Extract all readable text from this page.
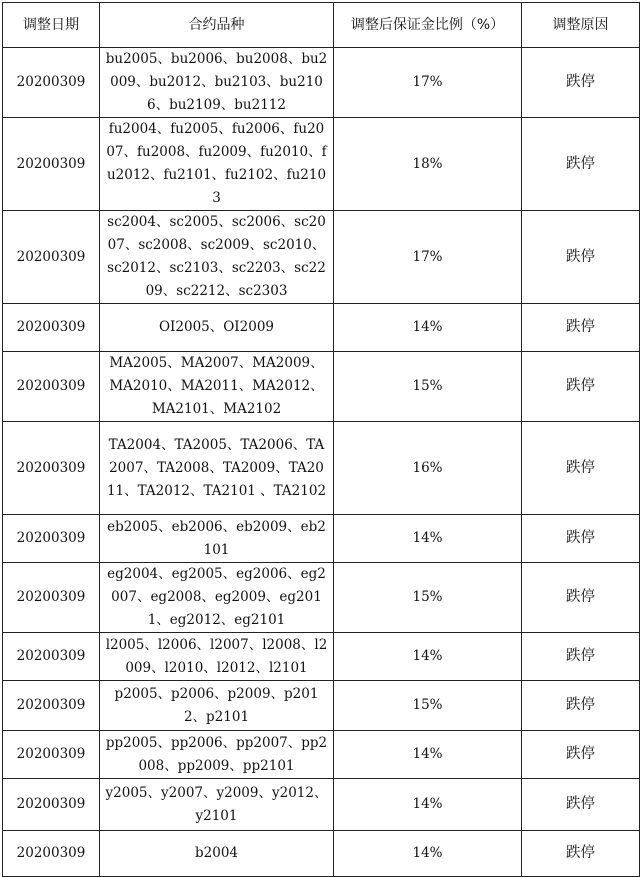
调整日期	合约品种	调整后保证金比例（%）	调整原因
20200309	bu2005、bu2006、bu2008、bu2009、bu2012、bu2103、bu2106、bu2109、bu2112	17%	跌停
20200309	fu2004、fu2005、fu2006、fu2007、fu2008、fu2009、fu2010、fu2012、fu2101、fu2102、fu2103	18%	跌停
20200309	sc2004、sc2005、sc2006、sc2007、sc2008、sc2009、sc2010、sc2012、sc2103、sc2203、sc2209、sc2212、sc2303	17%	跌停
20200309	OI2005、OI2009	14%	跌停
20200309	MA2005、MA2007、MA2009、MA2010、MA2011、MA2012、MA2101、MA2102	15%	跌停
20200309	TA2004、TA2005、TA2006、TA2007、TA2008、TA2009、TA2011、TA2012、TA2101 、TA2102	16%	跌停
20200309	eb2005、eb2006、eb2009、eb2101	14%	跌停
20200309	eg2004、eg2005、eg2006、eg2007、eg2008、eg2009、eg2011、eg2012、eg2101	15%	跌停
20200309	l2005、l2006、l2007、l2008、l2009、l2010、l2012、l2101	14%	跌停
20200309	p2005、p2006、p2009、p2012、p2101	15%	跌停
20200309	pp2005、pp2006、pp2007、pp2008、pp2009、pp2101	14%	跌停
20200309	y2005、y2007、y2009、y2012、y2101	14%	跌停
20200309	b2004	14%	跌停
